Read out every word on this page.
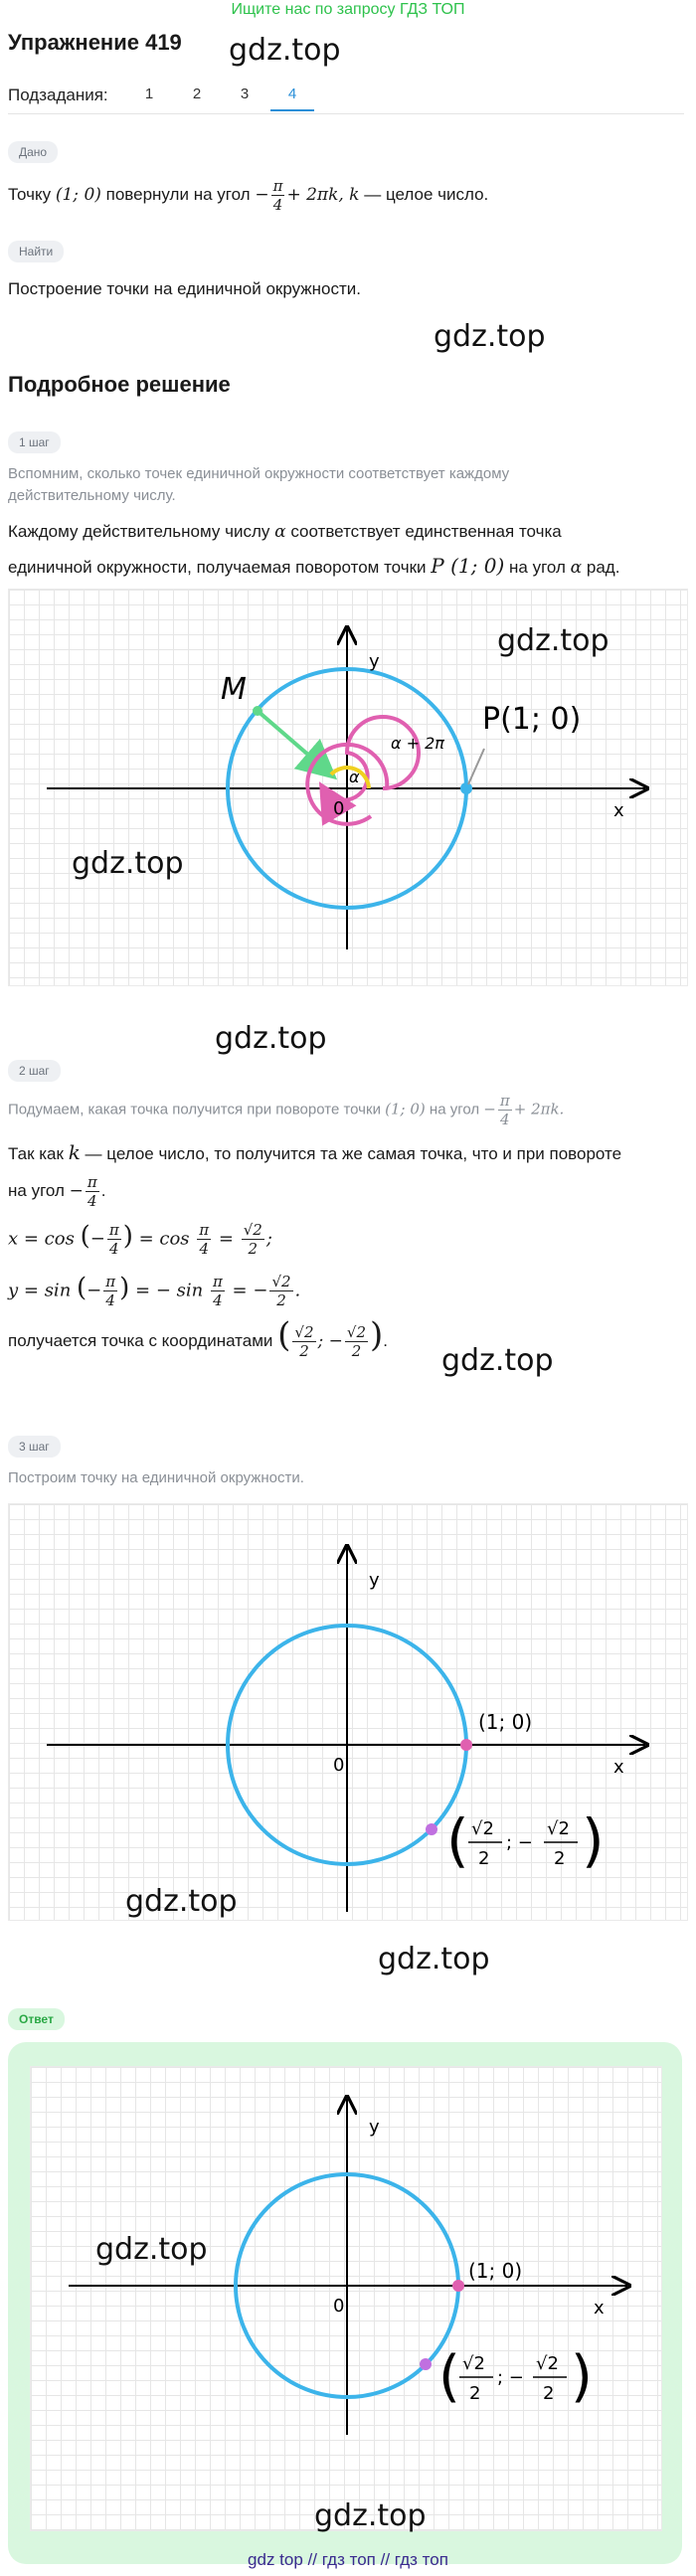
Ищите нас по запросу ГДЗ ТОП
Упражнение 419 gdz.top
Подзадания:	1	2	3	4
Дано
Точку (1; 0) повернули на угол − $\frac{\pi}{4} + 2\pi k$, k — целое число.
Найти
Построение точки на единичной окружности.
gdz.top
Подробное решение
1 шаг
Вспомним, сколько точек единичной окружности соответствует каждому действительному числу.
Каждому действительному числу α соответствует единственная точка
единичной окружности, получаемая поворотом точки P (1; 0) на угол α рад.
M
P(1; 0)
α + 2π
α
x
y
0
gdz.top
gdz.top
gdz.top
2 шаг
Подумаем, какая точка получится при повороте точки (1; 0) на угол − $\frac{\pi}{4} + 2\pi k$.
Так как k — целое число, то получится та же самая точка, что и при повороте
на угол − $\frac{\pi}{4}$ .
x = cos (− $\frac{\pi}{4}$ ) = $\cos \frac{\pi}{4} = \frac{√2}{2}$ ;
y = sin (− $\frac{\pi}{4}$ ) = − $\sin \frac{\pi}{4}$ = − $\frac{√2}{2}$ .
получается точка с координатами ( $\frac{√2}{2}$ ; − $\frac{√2}{2}$ ).
gdz.top
3 шаг
Построим точку на единичной окружности.
(1; 0)
( √2
2
; −
√2
2 )
x
y
0
gdz.top
gdz.top
Ответ
(1; 0)
( √2
2
; −
√2
2 )
x
y
0
gdz.top
gdz.top
gdz top // гдз топ // гдз топ
